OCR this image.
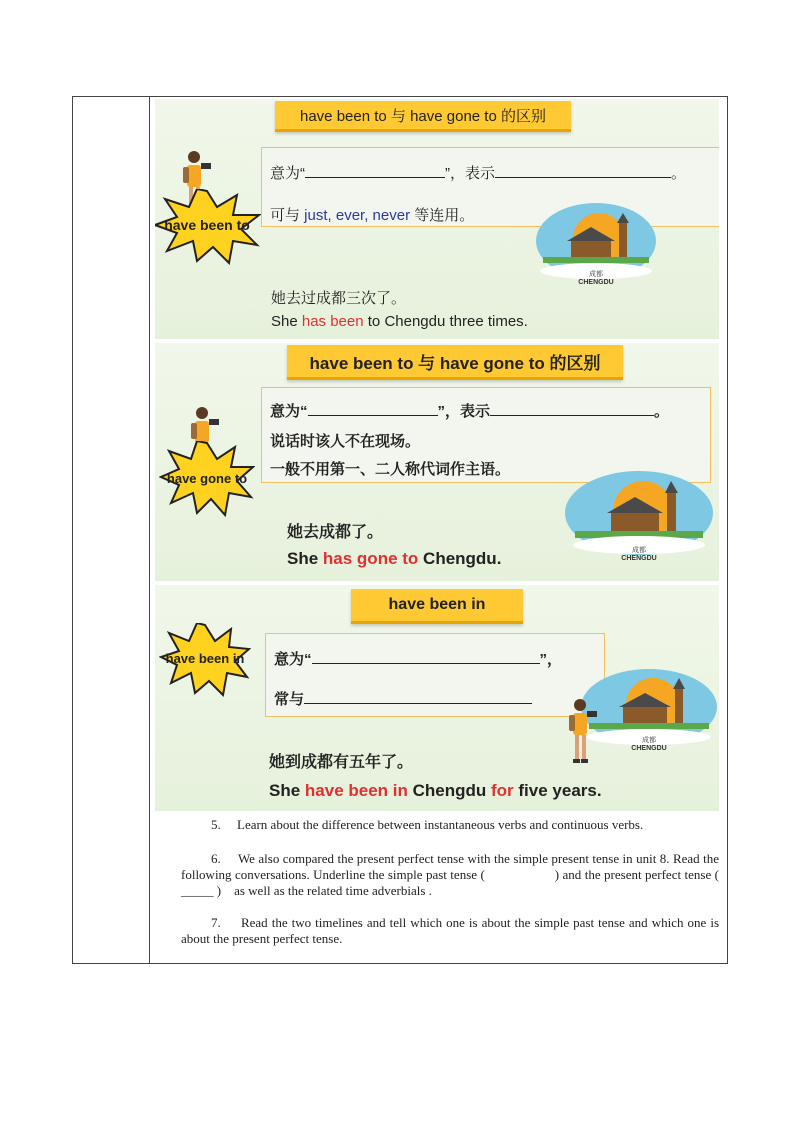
have been to 与 have gone to 的区别
have been to
意为“	”，表示	。
可与 just, ever, never 等连用。
成都
CHENGDU
她去过成都三次了。
She has been to Chengdu three times.
have been to 与 have gone to 的区别
have gone to
意为“	”，表示	。
说话时该人不在现场。
一般不用第一、二人称代词作主语。
成都
CHENGDU
她去成都了。
She has gone to Chengdu.
have been in
have been in	意为“	”，
常与
成都
CHENGDU
她到成都有五年了。
She have been in Chengdu for five years.
5. Learn about the difference between instantaneous verbs and continuous verbs.
6. We also compared the present perfect tense with the simple present tense in unit 8. Read the following conversations. Underline the simple past tense (	) and the present perfect tense ( _____ ) as well as the related time adverbials .
7. Read the two timelines and tell which one is about the simple past tense and which one is about the present perfect tense.
